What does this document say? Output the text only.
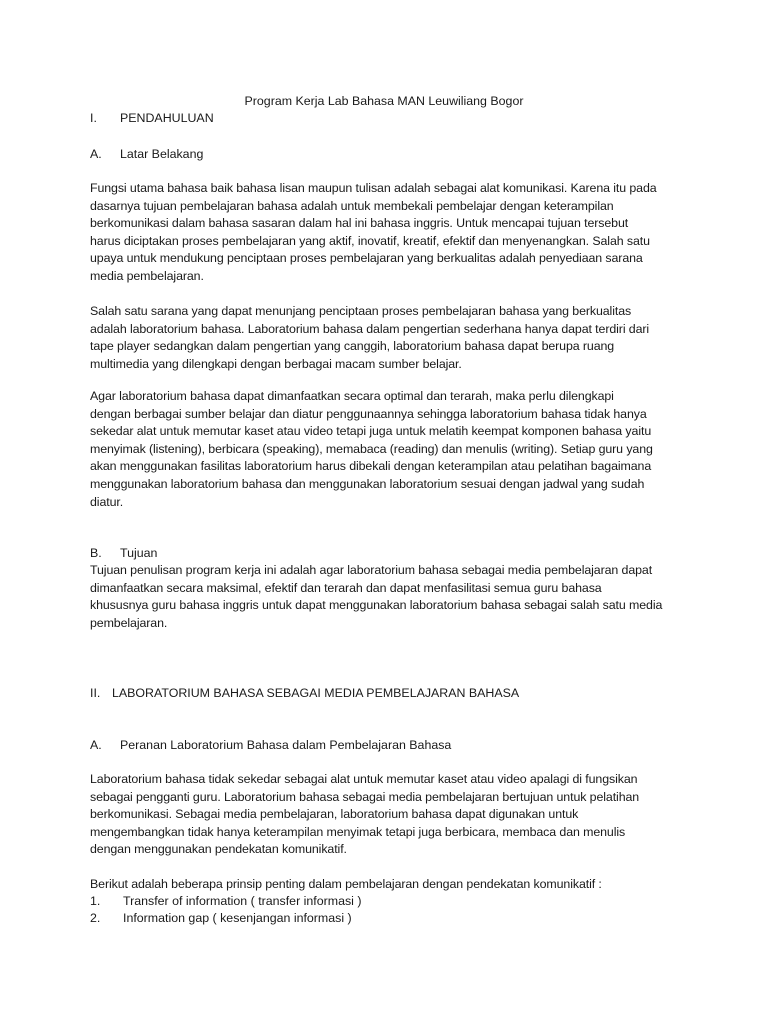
Program Kerja Lab Bahasa MAN Leuwiliang Bogor
I. PENDAHULUAN
A. Latar Belakang
Fungsi utama bahasa baik bahasa lisan maupun tulisan adalah sebagai alat komunikasi. Karena itu pada
dasarnya tujuan pembelajaran bahasa adalah untuk membekali pembelajar dengan keterampilan
berkomunikasi dalam bahasa sasaran dalam hal ini bahasa inggris. Untuk mencapai tujuan tersebut
harus diciptakan proses pembelajaran yang aktif, inovatif, kreatif, efektif dan menyenangkan. Salah satu
upaya untuk mendukung penciptaan proses pembelajaran yang berkualitas adalah penyediaan sarana
media pembelajaran.
Salah satu sarana yang dapat menunjang penciptaan proses pembelajaran bahasa yang berkualitas
adalah laboratorium bahasa. Laboratorium bahasa dalam pengertian sederhana hanya dapat terdiri dari
tape player sedangkan dalam pengertian yang canggih, laboratorium bahasa dapat berupa ruang
multimedia yang dilengkapi dengan berbagai macam sumber belajar.
Agar laboratorium bahasa dapat dimanfaatkan secara optimal dan terarah, maka perlu dilengkapi
dengan berbagai sumber belajar dan diatur penggunaannya sehingga laboratorium bahasa tidak hanya
sekedar alat untuk memutar kaset atau video tetapi juga untuk melatih keempat komponen bahasa yaitu
menyimak (listening), berbicara (speaking), memabaca (reading) dan menulis (writing). Setiap guru yang
akan menggunakan fasilitas laboratorium harus dibekali dengan keterampilan atau pelatihan bagaimana
menggunakan laboratorium bahasa dan menggunakan laboratorium sesuai dengan jadwal yang sudah
diatur.
B. Tujuan
Tujuan penulisan program kerja ini adalah agar laboratorium bahasa sebagai media pembelajaran dapat
dimanfaatkan secara maksimal, efektif dan terarah dan dapat menfasilitasi semua guru bahasa
khususnya guru bahasa inggris untuk dapat menggunakan laboratorium bahasa sebagai salah satu media
pembelajaran.
II. LABORATORIUM BAHASA SEBAGAI MEDIA PEMBELAJARAN BAHASA
A. Peranan Laboratorium Bahasa dalam Pembelajaran Bahasa
Laboratorium bahasa tidak sekedar sebagai alat untuk memutar kaset atau video apalagi di fungsikan
sebagai pengganti guru. Laboratorium bahasa sebagai media pembelajaran bertujuan untuk pelatihan
berkomunikasi. Sebagai media pembelajaran, laboratorium bahasa dapat digunakan untuk
mengembangkan tidak hanya keterampilan menyimak tetapi juga berbicara, membaca dan menulis
dengan menggunakan pendekatan komunikatif.
Berikut adalah beberapa prinsip penting dalam pembelajaran dengan pendekatan komunikatif :
1. Transfer of information ( transfer informasi )
2. Information gap ( kesenjangan informasi )
